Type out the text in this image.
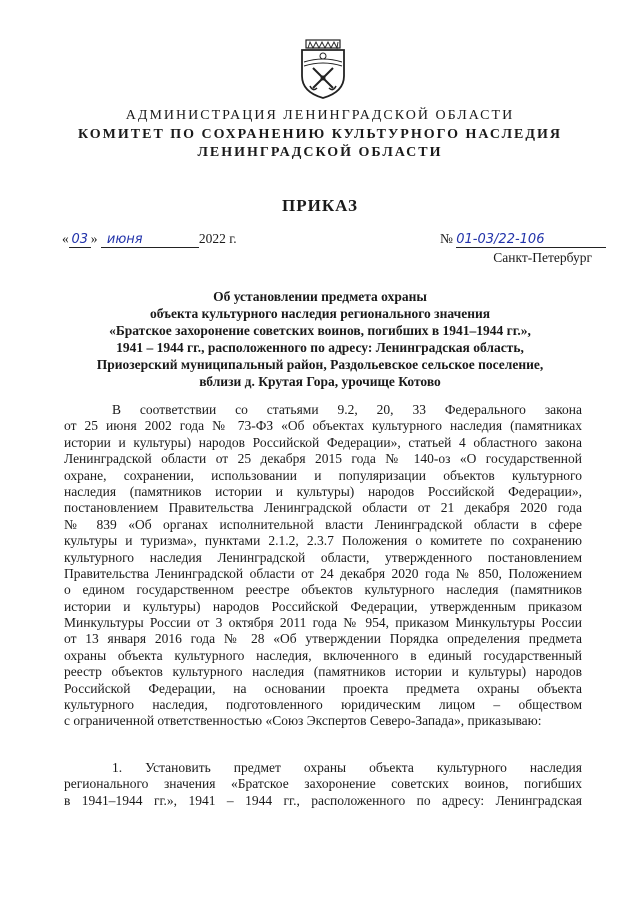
АДМИНИСТРАЦИЯ ЛЕНИНГРАДСКОЙ ОБЛАСТИ
КОМИТЕТ ПО СОХРАНЕНИЮ КУЛЬТУРНОГО НАСЛЕДИЯ
ЛЕНИНГРАДСКОЙ ОБЛАСТИ
ПРИКАЗ
« 03 » июня	2022 г.	№ 01-03/22-106
Санкт-Петербург
Об установлении предмета охраны
объекта культурного наследия регионального значения
«Братское захоронение советских воинов, погибших в 1941–1944 гг.»,
1941 – 1944 гг., расположенного по адресу: Ленинградская область,
Приозерский муниципальный район, Раздольевское сельское поселение,
вблизи д. Крутая Гора, урочище Котово
В соответствии со статьями 9.2, 20, 33 Федерального закона
от 25 июня 2002 года № 73-ФЗ «Об объектах культурного наследия (памятниках
истории и культуры) народов Российской Федерации», статьей 4 областного закона
Ленинградской области от 25 декабря 2015 года № 140-оз «О государственной
охране, сохранении, использовании и популяризации объектов культурного
наследия (памятников истории и культуры) народов Российской Федерации»,
постановлением Правительства Ленинградской области от 21 декабря 2020 года
№ 839 «Об органах исполнительной власти Ленинградской области в сфере
культуры и туризма», пунктами 2.1.2, 2.3.7 Положения о комитете по сохранению
культурного наследия Ленинградской области, утвержденного постановлением
Правительства Ленинградской области от 24 декабря 2020 года № 850, Положением
о едином государственном реестре объектов культурного наследия (памятников
истории и культуры) народов Российской Федерации, утвержденным приказом
Минкультуры России от 3 октября 2011 года № 954, приказом Минкультуры России
от 13 января 2016 года № 28 «Об утверждении Порядка определения предмета
охраны объекта культурного наследия, включенного в единый государственный
реестр объектов культурного наследия (памятников истории и культуры) народов
Российской Федерации, на основании проекта предмета охраны объекта
культурного наследия, подготовленного юридическим лицом – обществом
с ограниченной ответственностью «Союз Экспертов Северо-Запада», приказываю:
1. Установить предмет охраны объекта культурного наследия
регионального значения «Братское захоронение советских воинов, погибших
в 1941–1944 гг.», 1941 – 1944 гг., расположенного по адресу: Ленинградская
